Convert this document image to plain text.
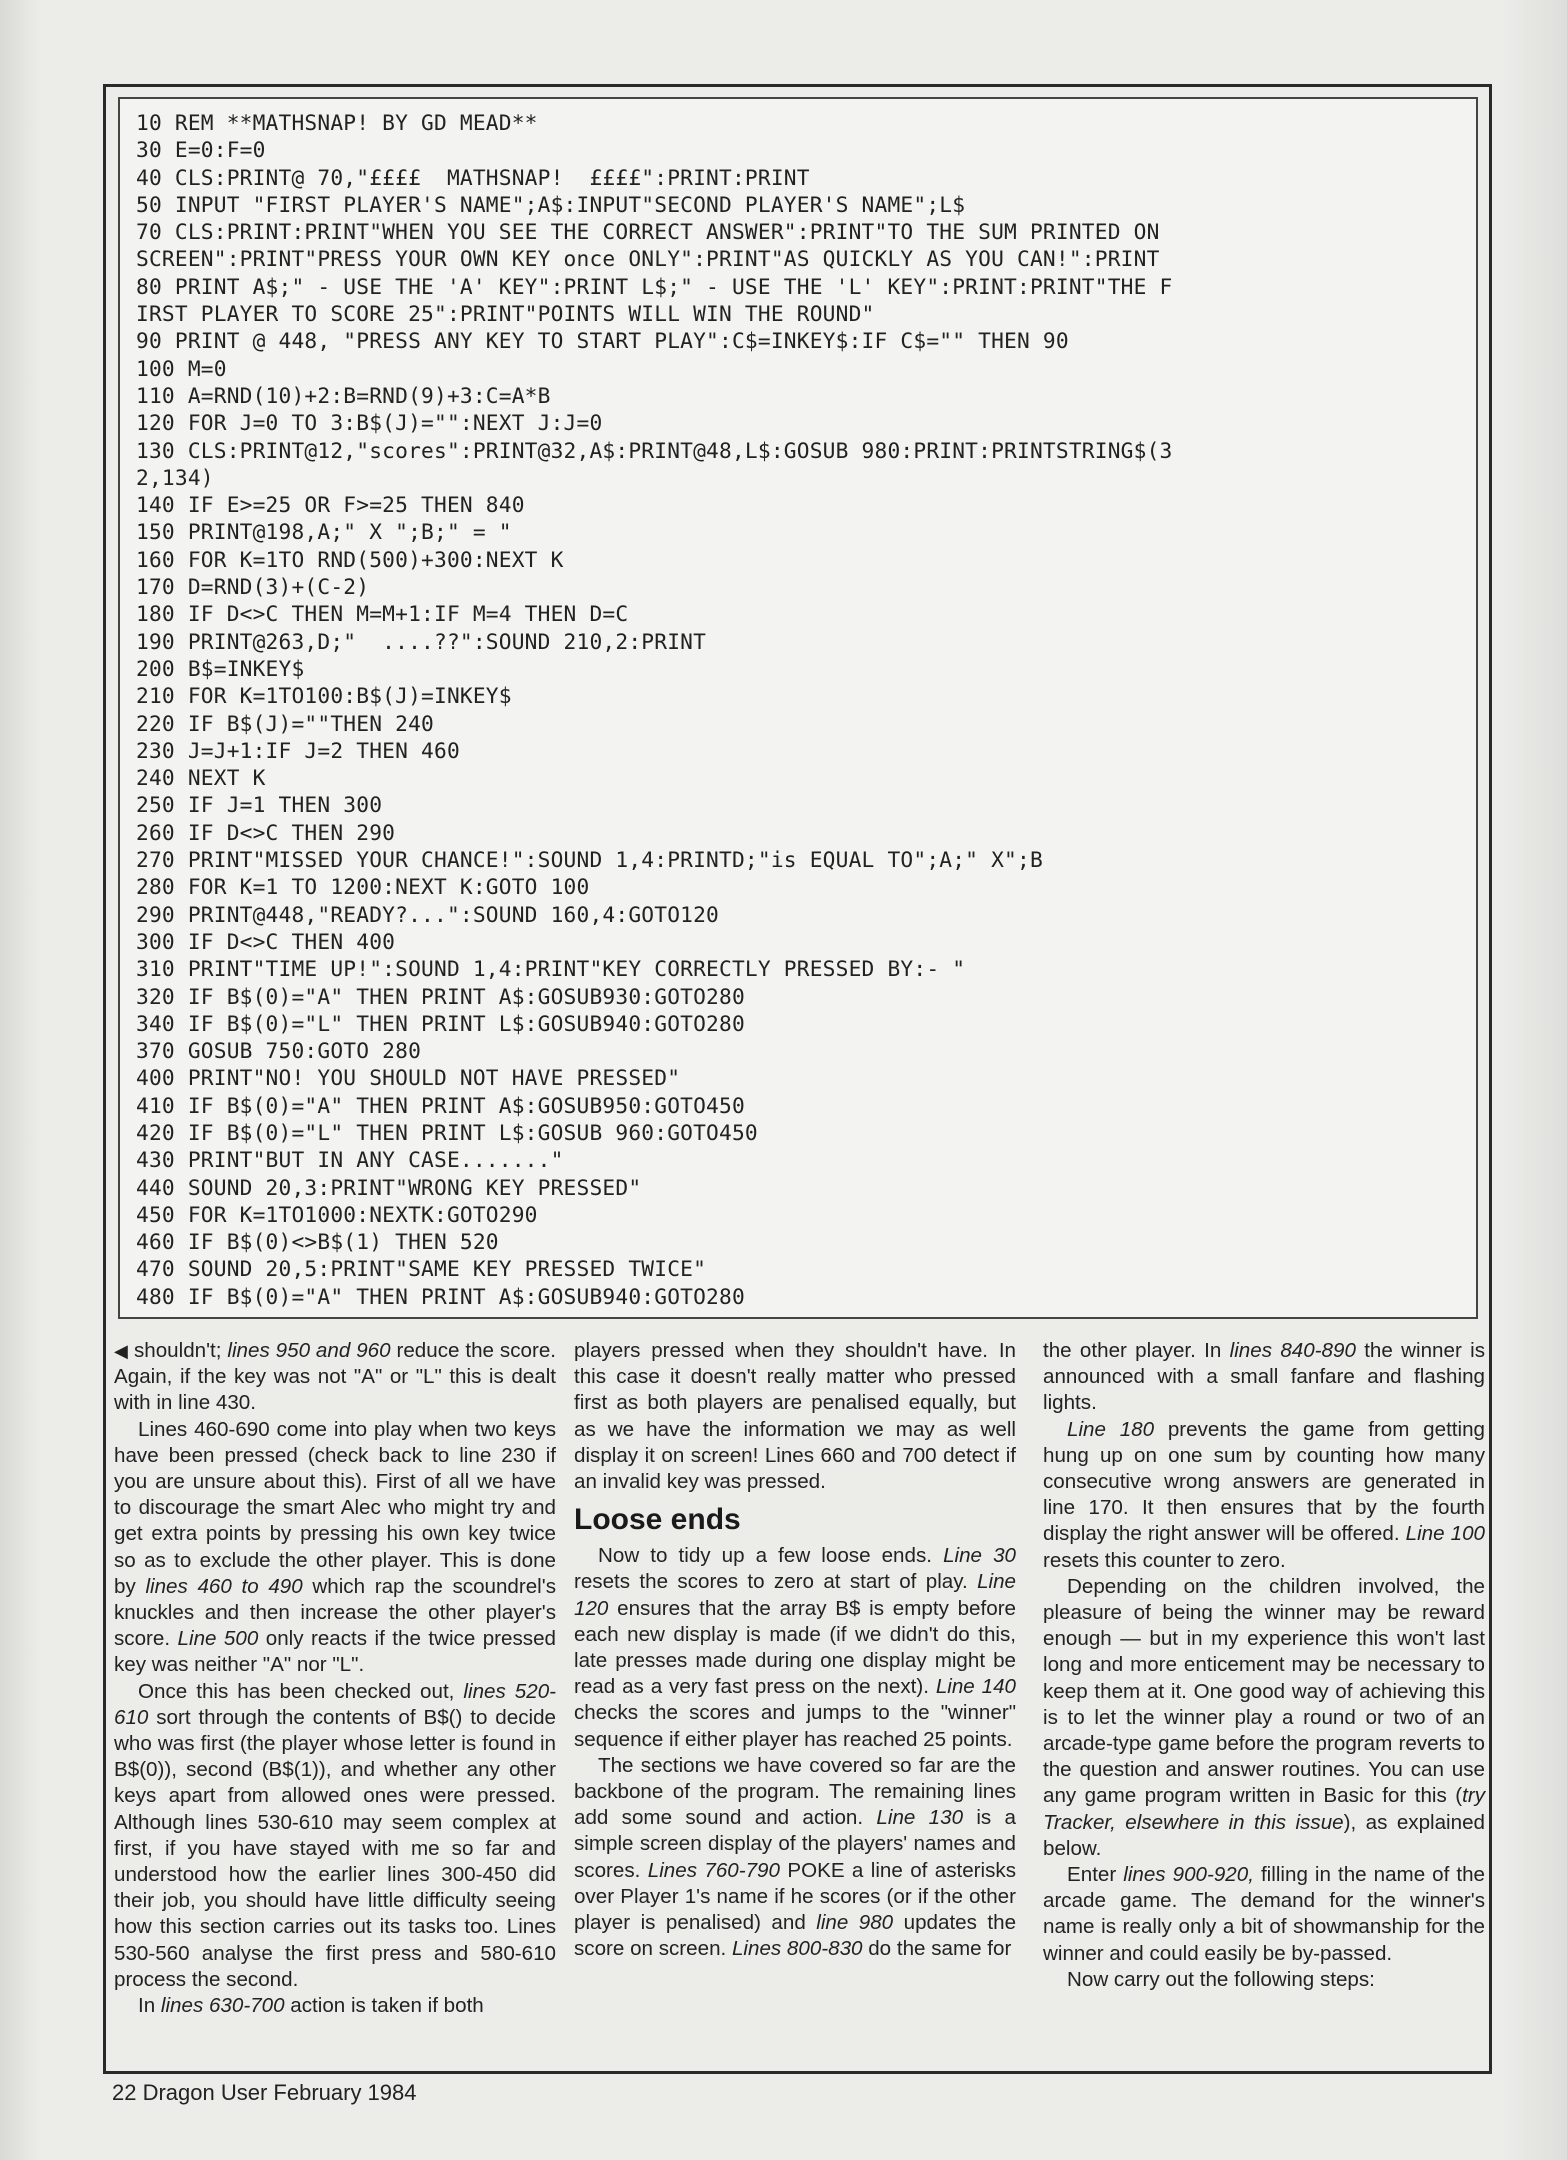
10 REM **MATHSNAP! BY GD MEAD**
30 E=0:F=0
40 CLS:PRINT@ 70,"££££  MATHSNAP!  ££££":PRINT:PRINT
50 INPUT "FIRST PLAYER'S NAME";A$:INPUT"SECOND PLAYER'S NAME";L$
70 CLS:PRINT:PRINT"WHEN YOU SEE THE CORRECT ANSWER":PRINT"TO THE SUM PRINTED ON
SCREEN":PRINT"PRESS YOUR OWN KEY once ONLY":PRINT"AS QUICKLY AS YOU CAN!":PRINT
80 PRINT A$;" - USE THE 'A' KEY":PRINT L$;" - USE THE 'L' KEY":PRINT:PRINT"THE F
IRST PLAYER TO SCORE 25":PRINT"POINTS WILL WIN THE ROUND"
90 PRINT @ 448, "PRESS ANY KEY TO START PLAY":C$=INKEY$:IF C$="" THEN 90
100 M=0
110 A=RND(10)+2:B=RND(9)+3:C=A*B
120 FOR J=0 TO 3:B$(J)="":NEXT J:J=0
130 CLS:PRINT@12,"scores":PRINT@32,A$:PRINT@48,L$:GOSUB 980:PRINT:PRINTSTRING$(3
2,134)
140 IF E>=25 OR F>=25 THEN 840
150 PRINT@198,A;" X ";B;" = "
160 FOR K=1TO RND(500)+300:NEXT K
170 D=RND(3)+(C-2)
180 IF D<>C THEN M=M+1:IF M=4 THEN D=C
190 PRINT@263,D;"  ....??":SOUND 210,2:PRINT
200 B$=INKEY$
210 FOR K=1TO100:B$(J)=INKEY$
220 IF B$(J)=""THEN 240
230 J=J+1:IF J=2 THEN 460
240 NEXT K
250 IF J=1 THEN 300
260 IF D<>C THEN 290
270 PRINT"MISSED YOUR CHANCE!":SOUND 1,4:PRINTD;"is EQUAL TO";A;" X";B
280 FOR K=1 TO 1200:NEXT K:GOTO 100
290 PRINT@448,"READY?...":SOUND 160,4:GOTO120
300 IF D<>C THEN 400
310 PRINT"TIME UP!":SOUND 1,4:PRINT"KEY CORRECTLY PRESSED BY:- "
320 IF B$(0)="A" THEN PRINT A$:GOSUB930:GOTO280
340 IF B$(0)="L" THEN PRINT L$:GOSUB940:GOTO280
370 GOSUB 750:GOTO 280
400 PRINT"NO! YOU SHOULD NOT HAVE PRESSED"
410 IF B$(0)="A" THEN PRINT A$:GOSUB950:GOTO450
420 IF B$(0)="L" THEN PRINT L$:GOSUB 960:GOTO450
430 PRINT"BUT IN ANY CASE......."
440 SOUND 20,3:PRINT"WRONG KEY PRESSED"
450 FOR K=1TO1000:NEXTK:GOTO290
460 IF B$(0)<>B$(1) THEN 520
470 SOUND 20,5:PRINT"SAME KEY PRESSED TWICE"
480 IF B$(0)="A" THEN PRINT A$:GOSUB940:GOTO280

◀ shouldn't; lines 950 and 960 reduce the score. Again, if the key was not "A" or "L" this is dealt with in line 430.

Lines 460-690 come into play when two keys have been pressed (check back to line 230 if you are unsure about this). First of all we have to discourage the smart Alec who might try and get extra points by pressing his own key twice so as to exclude the other player. This is done by lines 460 to 490 which rap the scoundrel's knuckles and then increase the other player's score. Line 500 only reacts if the twice pressed key was neither "A" nor "L".

Once this has been checked out, lines 520-610 sort through the contents of B$() to decide who was first (the player whose letter is found in B$(0)), second (B$(1)), and whether any other keys apart from allowed ones were pressed. Although lines 530-610 may seem complex at first, if you have stayed with me so far and understood how the earlier lines 300-450 did their job, you should have little difficulty seeing how this section carries out its tasks too. Lines 530-560 analyse the first press and 580-610 process the second.

In lines 630-700 action is taken if both

players pressed when they shouldn't have. In this case it doesn't really matter who pressed first as both players are penalised equally, but as we have the information we may as well display it on screen! Lines 660 and 700 detect if an invalid key was pressed.

Loose ends

Now to tidy up a few loose ends. Line 30 resets the scores to zero at start of play. Line 120 ensures that the array B$ is empty before each new display is made (if we didn't do this, late presses made during one display might be read as a very fast press on the next). Line 140 checks the scores and jumps to the "winner" sequence if either player has reached 25 points.

The sections we have covered so far are the backbone of the program. The remaining lines add some sound and action. Line 130 is a simple screen display of the players' names and scores. Lines 760-790 POKE a line of asterisks over Player 1's name if he scores (or if the other player is penalised) and line 980 updates the score on screen. Lines 800-830 do the same for

the other player. In lines 840-890 the winner is announced with a small fanfare and flashing lights.

Line 180 prevents the game from getting hung up on one sum by counting how many consecutive wrong answers are generated in line 170. It then ensures that by the fourth display the right answer will be offered. Line 100 resets this counter to zero.

Depending on the children involved, the pleasure of being the winner may be reward enough — but in my experience this won't last long and more enticement may be necessary to keep them at it. One good way of achieving this is to let the winner play a round or two of an arcade-type game before the program reverts to the question and answer routines. You can use any game program written in Basic for this (try Tracker, elsewhere in this issue), as explained below.

Enter lines 900-920, filling in the name of the arcade game. The demand for the winner's name is really only a bit of showmanship for the winner and could easily be by-passed.

Now carry out the following steps:

22 Dragon User February 1984
